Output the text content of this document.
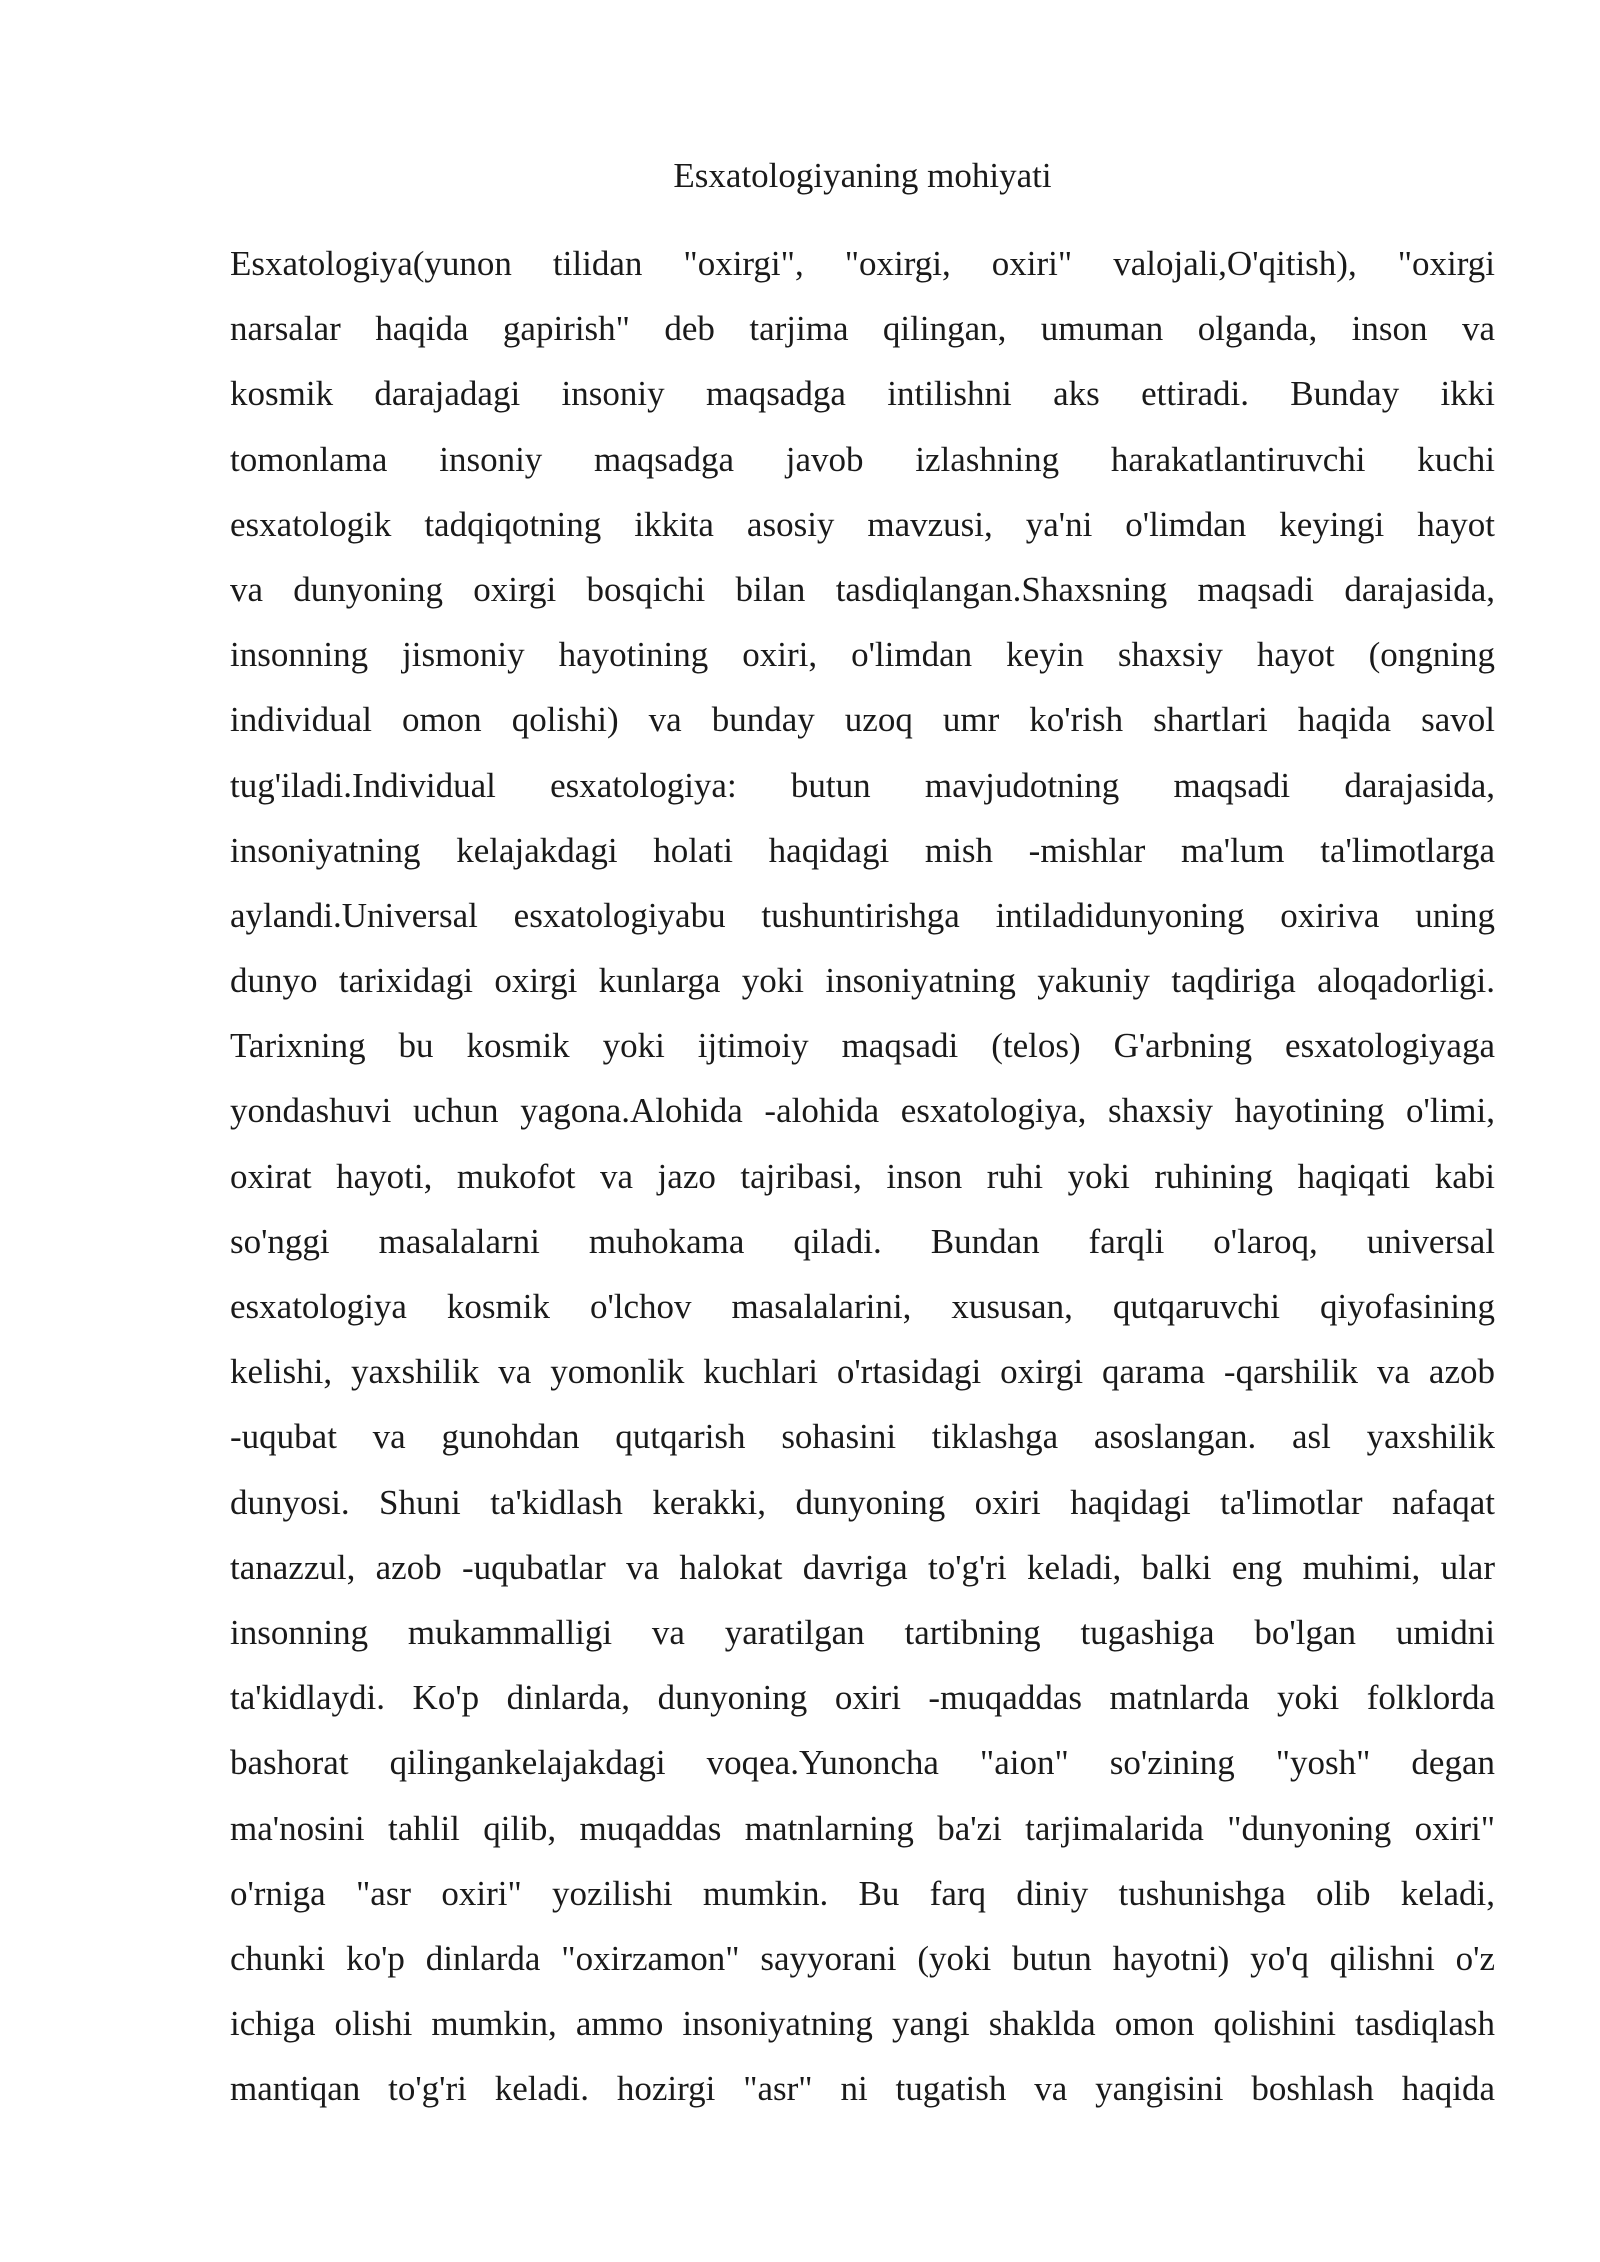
Esxatologiyaning mohiyati
Esxatologiya(yunon tilidan "oxirgi", "oxirgi, oxiri" valojali,O'qitish), "oxirgi
narsalar haqida gapirish" deb tarjima qilingan, umuman olganda, inson va
kosmik darajadagi insoniy maqsadga intilishni aks ettiradi. Bunday ikki
tomonlama insoniy maqsadga javob izlashning harakatlantiruvchi kuchi
esxatologik tadqiqotning ikkita asosiy mavzusi, ya'ni o'limdan keyingi hayot
va dunyoning oxirgi bosqichi bilan tasdiqlangan.Shaxsning maqsadi darajasida,
insonning jismoniy hayotining oxiri, o'limdan keyin shaxsiy hayot (ongning
individual omon qolishi) va bunday uzoq umr ko'rish shartlari haqida savol
tug'iladi.Individual esxatologiya: butun mavjudotning maqsadi darajasida,
insoniyatning kelajakdagi holati haqidagi mish -mishlar ma'lum ta'limotlarga
aylandi.Universal esxatologiyabu tushuntirishga intiladidunyoning oxiriva uning
dunyo tarixidagi oxirgi kunlarga yoki insoniyatning yakuniy taqdiriga aloqadorligi.
Tarixning bu kosmik yoki ijtimoiy maqsadi (telos) G'arbning esxatologiyaga
yondashuvi uchun yagona.Alohida -alohida esxatologiya, shaxsiy hayotining o'limi,
oxirat hayoti, mukofot va jazo tajribasi, inson ruhi yoki ruhining haqiqati kabi
so'nggi masalalarni muhokama qiladi. Bundan farqli o'laroq, universal
esxatologiya kosmik o'lchov masalalarini, xususan, qutqaruvchi qiyofasining
kelishi, yaxshilik va yomonlik kuchlari o'rtasidagi oxirgi qarama -qarshilik va azob
-uqubat va gunohdan qutqarish sohasini tiklashga asoslangan. asl yaxshilik
dunyosi. Shuni ta'kidlash kerakki, dunyoning oxiri haqidagi ta'limotlar nafaqat
tanazzul, azob -uqubatlar va halokat davriga to'g'ri keladi, balki eng muhimi, ular
insonning mukammalligi va yaratilgan tartibning tugashiga bo'lgan umidni
ta'kidlaydi. Ko'p dinlarda, dunyoning oxiri -muqaddas matnlarda yoki folklorda
bashorat qilingankelajakdagi voqea.Yunoncha "aion" so'zining "yosh" degan
ma'nosini tahlil qilib, muqaddas matnlarning ba'zi tarjimalarida "dunyoning oxiri"
o'rniga "asr oxiri" yozilishi mumkin. Bu farq diniy tushunishga olib keladi,
chunki ko'p dinlarda "oxirzamon" sayyorani (yoki butun hayotni) yo'q qilishni o'z
ichiga olishi mumkin, ammo insoniyatning yangi shaklda omon qolishini tasdiqlash
mantiqan to'g'ri keladi. hozirgi "asr" ni tugatish va yangisini boshlash haqida
